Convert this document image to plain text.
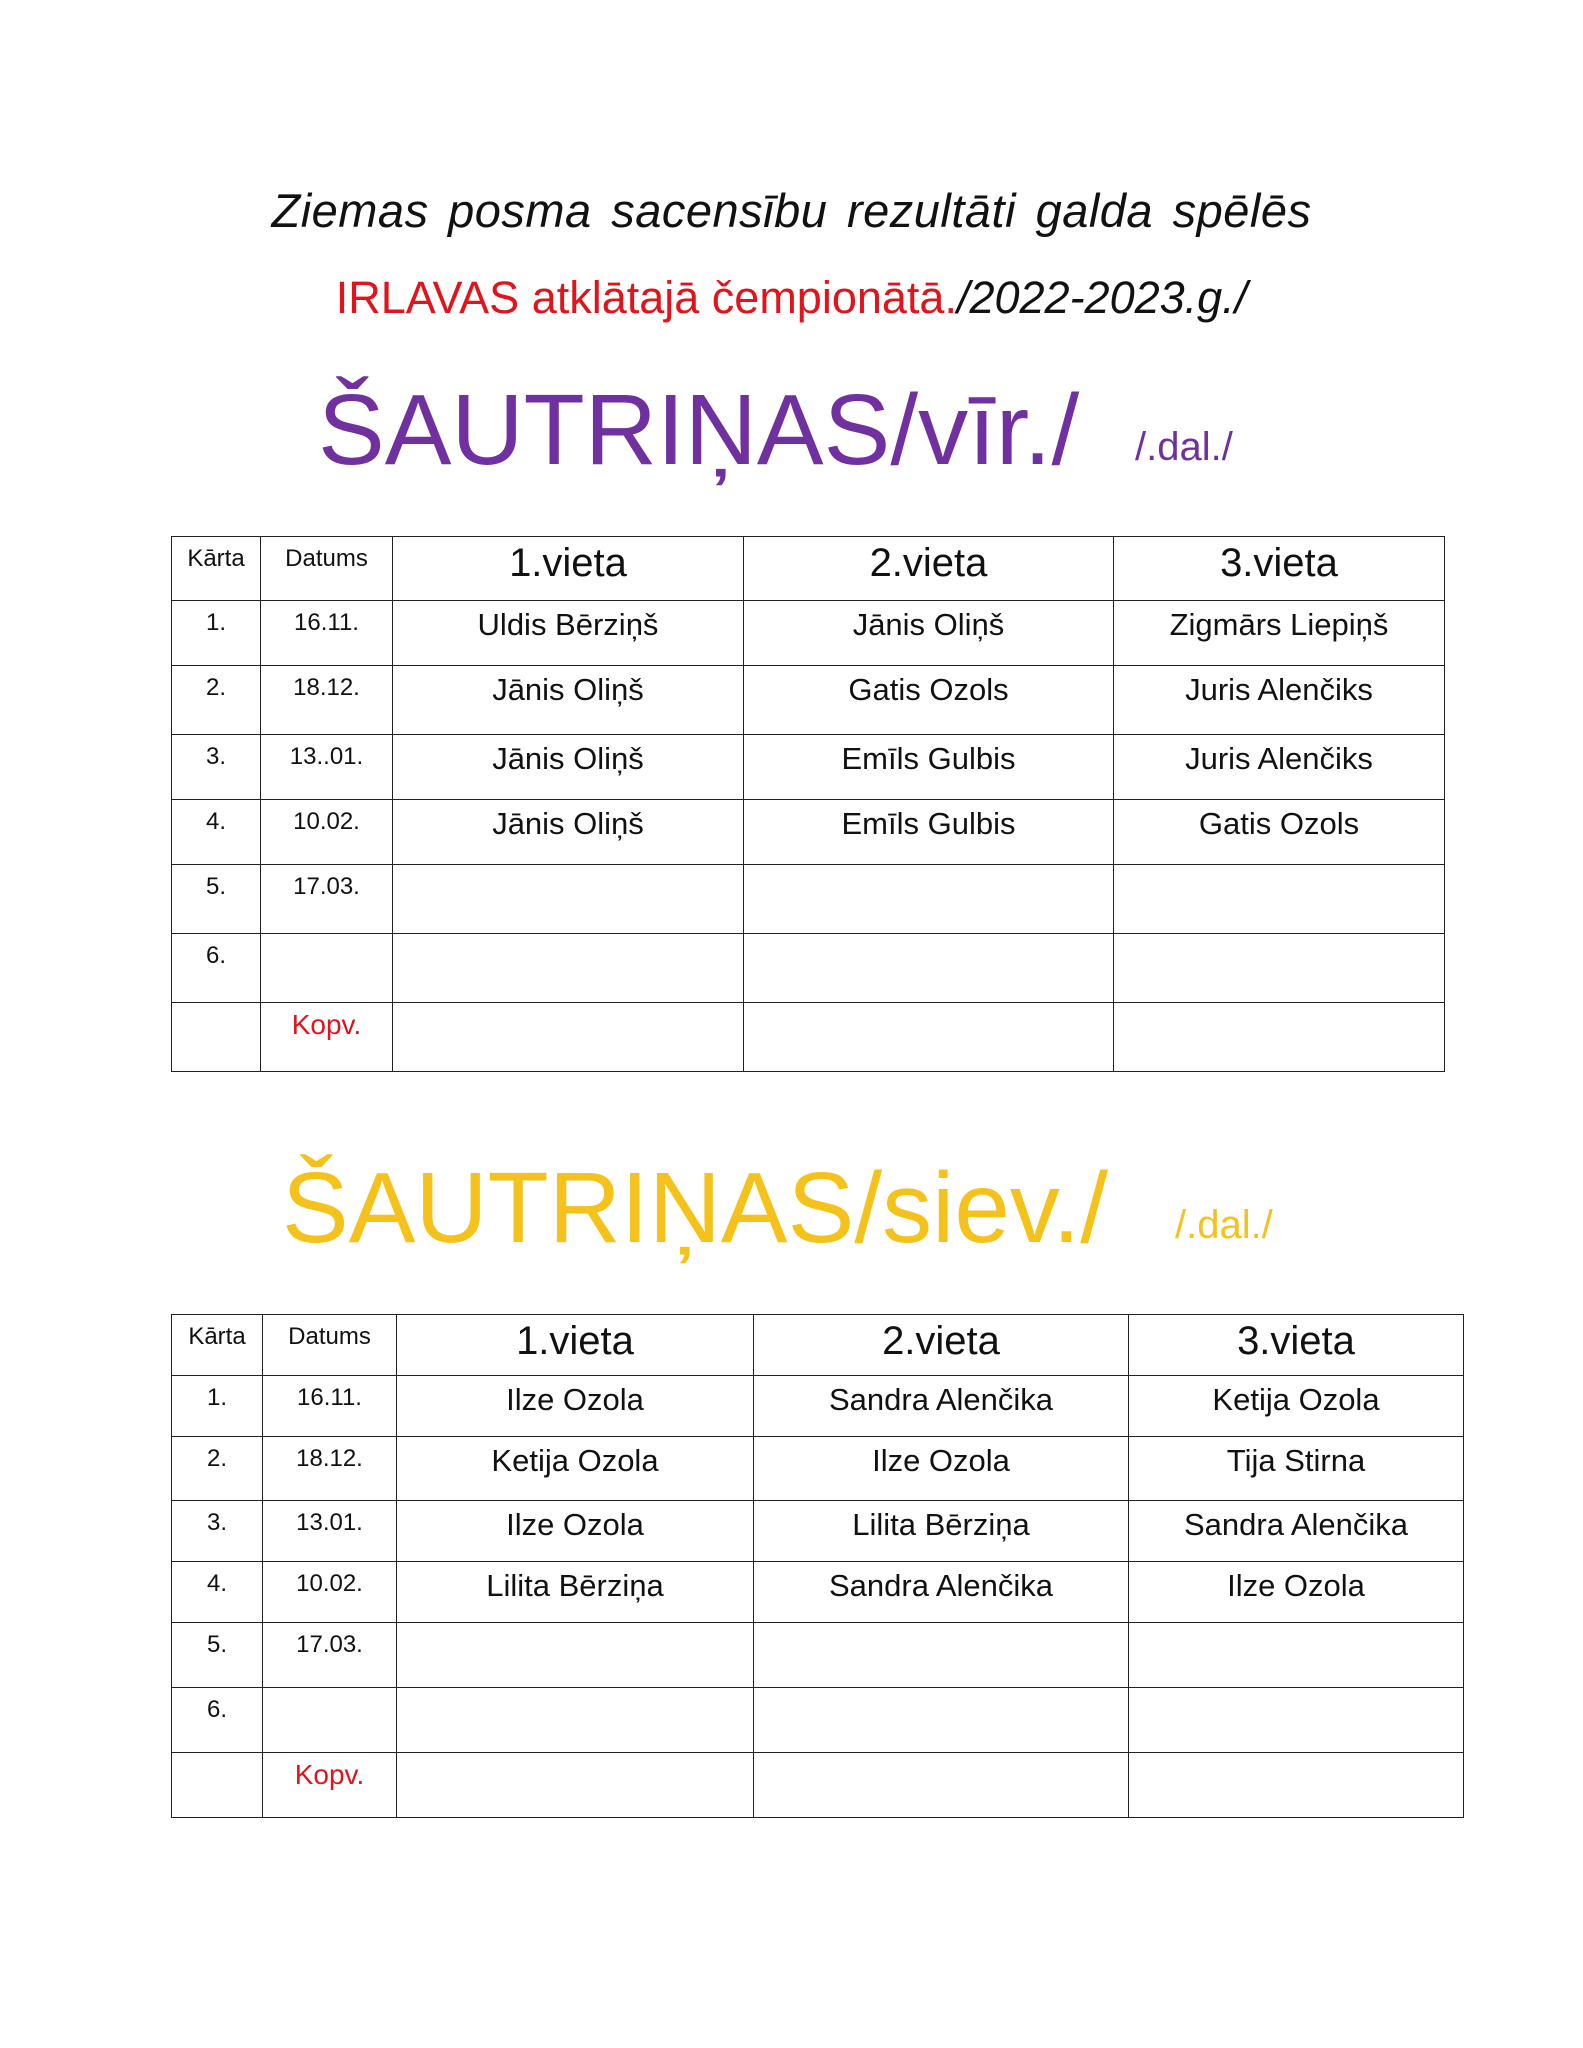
Ziemas posma sacensību rezultāti galda spēlēs
IRLAVAS atklātajā čempionātā./2022-2023.g./
ŠAUTRIŅAS/vīr./ /.dal./
Kārta	Datums	1.vieta	2.vieta	3.vieta
1.	16.11.	Uldis Bērziņš	Jānis Oliņš	Zigmārs Liepiņš
2.	18.12.	Jānis Oliņš	Gatis Ozols	Juris Alenčiks
3.	13..01.	Jānis Oliņš	Emīls Gulbis	Juris Alenčiks
4.	10.02.	Jānis Oliņš	Emīls Gulbis	Gatis Ozols
5.	17.03.			
6.				
	Kopv.			
ŠAUTRIŅAS/siev./ /.dal./
Kārta	Datums	1.vieta	2.vieta	3.vieta
1.	16.11.	Ilze Ozola	Sandra Alenčika	Ketija Ozola
2.	18.12.	Ketija Ozola	Ilze Ozola	Tija Stirna
3.	13.01.	Ilze Ozola	Lilita Bērziņa	Sandra Alenčika
4.	10.02.	Lilita Bērziņa	Sandra Alenčika	Ilze Ozola
5.	17.03.			
6.				
	Kopv.			
